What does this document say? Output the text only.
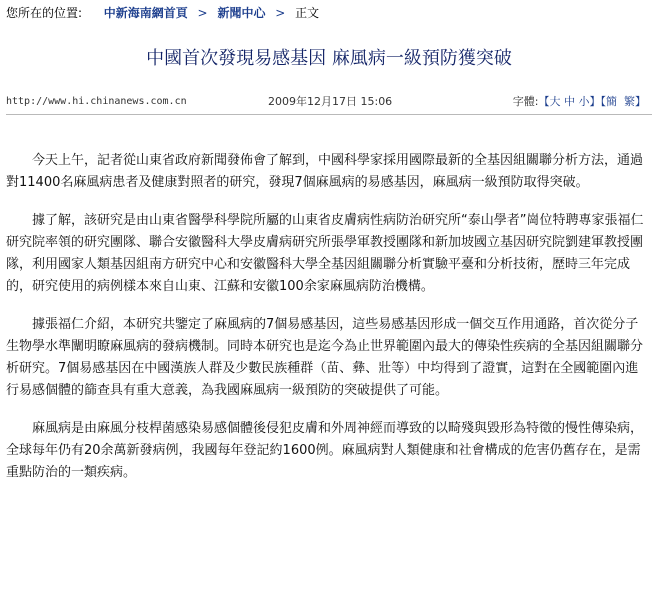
您所在的位置: 中新海南網首頁 > 新聞中心 > 正文
中國首次發現易感基因 麻風病一級預防獲突破
http://www.hi.chinanews.com.cn	2009年12月17日 15:06	字體:【大 中 小】【簡 繁】

今天上午，記者從山東省政府新聞發佈會了解到，中國科學家採用國際最新的全基因組關聯分析方法，通過對11400名麻風病患者及健康對照者的研究，發現7個麻風病的易感基因，麻風病一級預防取得突破。

據了解，該研究是由山東省醫學科學院所屬的山東省皮膚病性病防治研究所“泰山學者”崗位特聘專家張福仁研究院率領的研究團隊、聯合安徽醫科大學皮膚病研究所張學軍教授團隊和新加坡國立基因研究院劉建軍教授團隊，利用國家人類基因組南方研究中心和安徽醫科大學全基因組關聯分析實驗平臺和分析技術，歷時三年完成的，研究使用的病例樣本來自山東、江蘇和安徽100余家麻風病防治機構。

據張福仁介紹，本研究共鑒定了麻風病的7個易感基因，這些易感基因形成一個交互作用通路，首次從分子生物學水準闡明瞭麻風病的發病機制。同時本研究也是迄今為止世界範圍內最大的傳染性疾病的全基因組關聯分析研究。7個易感基因在中國漢族人群及少數民族種群（苗、彝、壯等）中均得到了證實，這對在全國範圍內進行易感個體的篩查具有重大意義，為我國麻風病一級預防的突破提供了可能。

麻風病是由麻風分枝桿菌感染易感個體後侵犯皮膚和外周神經而導致的以畸殘與毀形為特徵的慢性傳染病，全球每年仍有20余萬新發病例，我國每年登記約1600例。麻風病對人類健康和社會構成的危害仍舊存在，是需重點防治的一類疾病。
